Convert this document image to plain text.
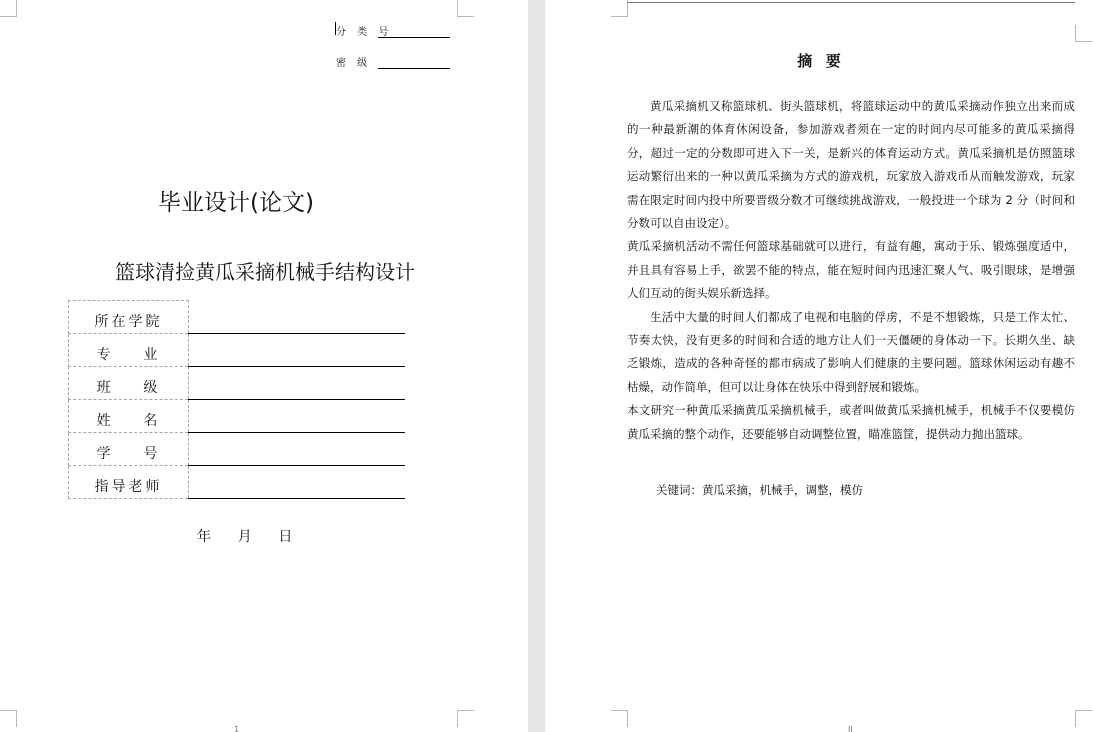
分 类 号
密 级
毕业设计(论文)
篮球清捡黄瓜采摘机械手结构设计
所在学院	
专    业	
班    级	
姓    名	
学    号	
指导老师	
年      月      日
1
摘  要

黄瓜采摘机又称篮球机、街头篮球机，将篮球运动中的黄瓜采摘动作独立出来而成的一种最新潮的体育休闲设备，参加游戏者须在一定的时间内尽可能多的黄瓜采摘得分，超过一定的分数即可进入下一关，是新兴的体育运动方式。黄瓜采摘机是仿照篮球运动繁衍出来的一种以黄瓜采摘为方式的游戏机，玩家放入游戏币从而触发游戏，玩家需在限定时间内投中所要晋级分数才可继续挑战游戏，一般投进一个球为 2 分（时间和分数可以自由设定）。

黄瓜采摘机活动不需任何篮球基础就可以进行，有益有趣，寓动于乐、锻炼强度适中，并且具有容易上手，欲罢不能的特点，能在短时间内迅速汇聚人气、吸引眼球，是增强人们互动的街头娱乐新选择。

生活中大量的时间人们都成了电视和电脑的俘虏，不是不想锻炼，只是工作太忙、节奏太快，没有更多的时间和合适的地方让人们一天僵硬的身体动一下。长期久坐、缺乏锻炼，造成的各种奇怪的都市病成了影响人们健康的主要问题。篮球休闲运动有趣不枯燥，动作简单，但可以让身体在快乐中得到舒展和锻炼。

本文研究一种黄瓜采摘黄瓜采摘机械手，或者叫做黄瓜采摘机械手，机械手不仅要模仿黄瓜采摘的整个动作，还要能够自动调整位置，瞄准篮筐，提供动力抛出篮球。

关键词：黄瓜采摘，机械手，调整，模仿
II
